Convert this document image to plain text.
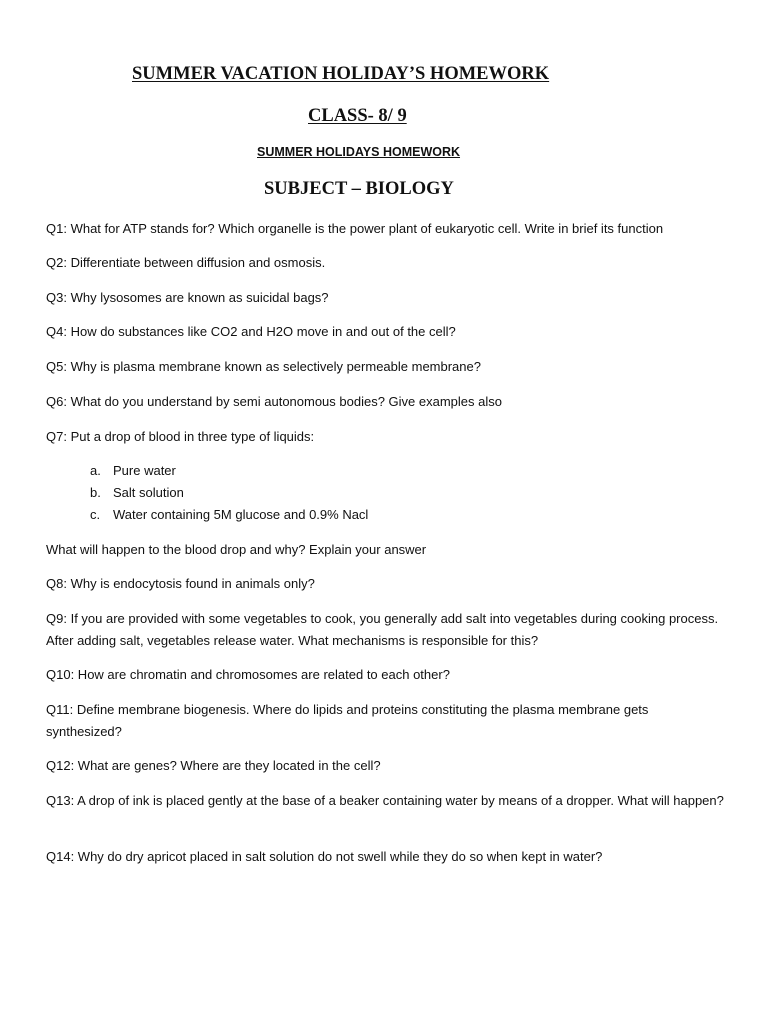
SUMMER VACATION HOLIDAY’S HOMEWORK
CLASS- 8/ 9
SUMMER HOLIDAYS HOMEWORK
SUBJECT – BIOLOGY
Q1: What for ATP stands for? Which organelle is the power plant of eukaryotic cell. Write in brief its function
Q2: Differentiate between diffusion and osmosis.
Q3: Why lysosomes are known as suicidal bags?
Q4: How do substances like CO2 and H2O move in and out of the cell?
Q5: Why is plasma membrane known as selectively permeable membrane?
Q6: What do you understand by semi autonomous bodies? Give examples also
Q7: Put a drop of blood in three type of liquids:
a. Pure water
b. Salt solution
c. Water containing 5M glucose and 0.9% Nacl
What will happen to the blood drop and why? Explain your answer
Q8: Why is endocytosis found in animals only?
Q9: If you are provided with some vegetables to cook, you generally add salt into vegetables during cooking process. After adding salt, vegetables release water. What mechanisms is responsible for this?
Q10: How are chromatin and chromosomes are related to each other?
Q11: Define membrane biogenesis. Where do lipids and proteins constituting the plasma membrane gets synthesized?
Q12: What are genes? Where are they located in the cell?
Q13: A drop of ink is placed gently at the base of a beaker containing water by means of a dropper. What will happen?
Q14: Why do dry apricot placed in salt solution do not swell while they do so when kept in water?
